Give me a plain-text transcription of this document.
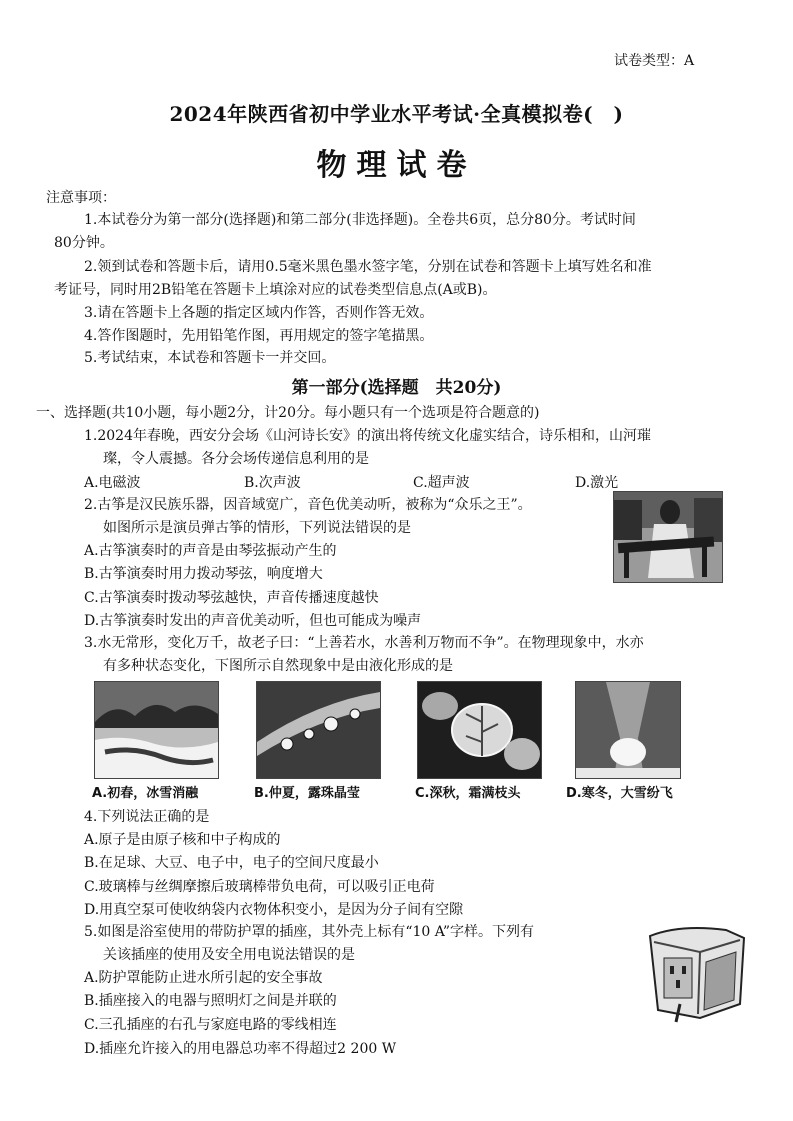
试卷类型：A
2024年陕西省初中学业水平考试·全真模拟卷(　)
物理试卷
注意事项：
1.本试卷分为第一部分(选择题)和第二部分(非选择题)。全卷共6页，总分80分。考试时间
80分钟。
2.领到试卷和答题卡后，请用0.5毫米黑色墨水签字笔，分别在试卷和答题卡上填写姓名和准
考证号，同时用2B铅笔在答题卡上填涂对应的试卷类型信息点(A或B)。
3.请在答题卡上各题的指定区域内作答，否则作答无效。
4.答作图题时，先用铅笔作图，再用规定的签字笔描黑。
5.考试结束，本试卷和答题卡一并交回。
第一部分(选择题　共20分)
一、选择题(共10小题，每小题2分，计20分。每小题只有一个选项是符合题意的)
1.2024年春晚，西安分会场《山河诗长安》的演出将传统文化虚实结合，诗乐相和，山河璀
璨，令人震撼。各分会场传递信息利用的是
A.电磁波	B.次声波	C.超声波	D.激光
2.古筝是汉民族乐器，因音域宽广，音色优美动听，被称为“众乐之王”。
如图所示是演员弹古筝的情形，下列说法错误的是
A.古筝演奏时的声音是由琴弦振动产生的
B.古筝演奏时用力拨动琴弦，响度增大
C.古筝演奏时拨动琴弦越快，声音传播速度越快
D.古筝演奏时发出的声音优美动听，但也可能成为噪声
3.水无常形，变化万千，故老子曰：“上善若水，水善利万物而不争”。在物理现象中，水亦
有多种状态变化，下图所示自然现象中是由液化形成的是
A.初春，冰雪消融	B.仲夏，露珠晶莹	C.深秋，霜满枝头	D.寒冬，大雪纷飞
4.下列说法正确的是
A.原子是由原子核和中子构成的
B.在足球、大豆、电子中，电子的空间尺度最小
C.玻璃棒与丝绸摩擦后玻璃棒带负电荷，可以吸引正电荷
D.用真空泵可使收纳袋内衣物体积变小，是因为分子间有空隙
5.如图是浴室使用的带防护罩的插座，其外壳上标有“10 A”字样。下列有
关该插座的使用及安全用电说法错误的是
A.防护罩能防止进水所引起的安全事故
B.插座接入的电器与照明灯之间是并联的
C.三孔插座的右孔与家庭电路的零线相连
D.插座允许接入的用电器总功率不得超过2 200 W
